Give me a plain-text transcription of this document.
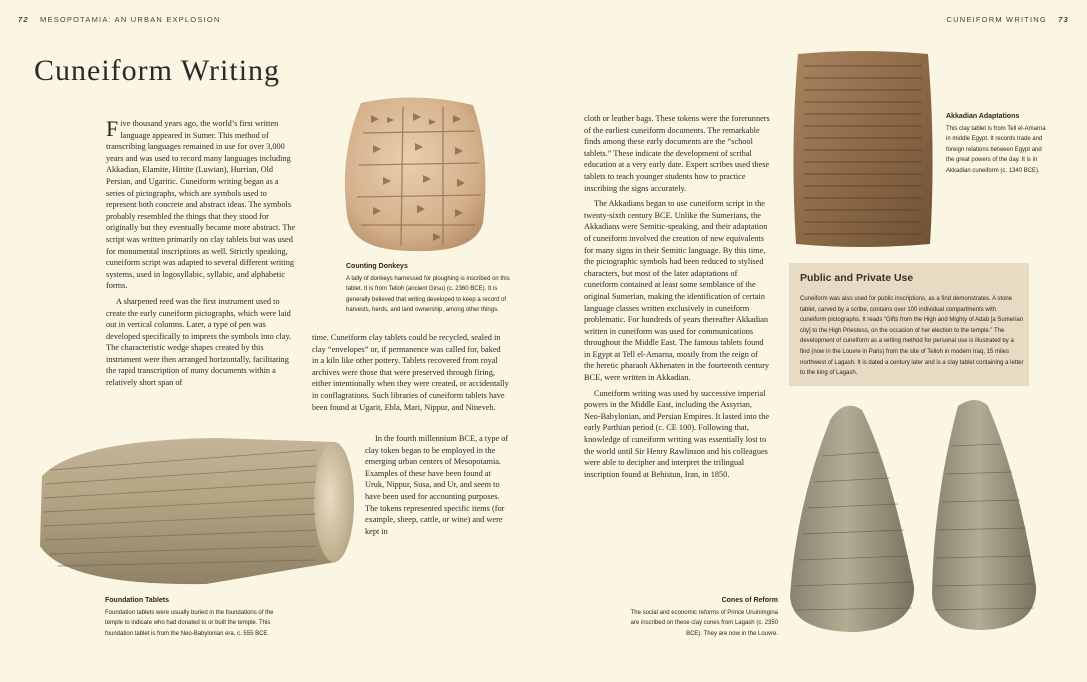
72 MESOPOTAMIA: AN URBAN EXPLOSION	CUNEIFORM WRITING 73
Cuneiform Writing

Five thousand years ago, the world’s first written language appeared in Sumer. This method of transcribing languages remained in use for over 3,000 years and was used to record many languages including Akkadian, Elamite, Hittite (Luwian), Hurrian, Old Persian, and Ugaritic. Cuneiform writing began as a series of pictographs, which are symbols used to represent both concrete and abstract ideas. The symbols probably resembled the things that they stood for originally but they eventually became more abstract. The script was written primarily on clay tablets but was used for monumental inscriptions as well. Strictly speaking, cuneiform script was adapted to several different writing systems, used in logosyllabic, syllabic, and alphabetic forms.

A sharpened reed was the first instrument used to create the early cuneiform pictographs, which were laid out in vertical columns. Later, a type of pen was developed specifically to impress the symbols into clay. The characteristic wedge shapes created by this instrument were then arranged horizontally, facilitating the rapid transcription of many documents within a relatively short span of

time. Cuneiform clay tablets could be recycled, sealed in clay “envelopes” or, if permanence was called for, baked in a kiln like other pottery. Tablets recovered from royal archives were those that were preserved through firing, either intentionally when they were created, or accidentally in conflagrations. Such libraries of cuneiform tablets have been found at Ugarit, Ebla, Mari, Nippur, and Nineveh.

In the fourth millennium BCE, a type of clay token began to be employed in the emerging urban centers of Mesopotamia. Examples of these have been found at Uruk, Nippur, Susa, and Ur, and seem to have been used for accounting purposes. The tokens represented specific items (for example, sheep, cattle, or wine) and were kept in

cloth or leather bags. These tokens were the forerunners of the earliest cuneiform documents. The remarkable finds among these early documents are the “school tablets.” These indicate the development of scribal education at a very early date. Expert scribes used these tablets to teach younger students how to practice inscribing the signs accurately.

The Akkadians began to use cuneiform script in the twenty-sixth century BCE. Unlike the Sumerians, the Akkadians were Semitic-speaking, and their adaptation of cuneiform involved the creation of new equivalents for many signs in their Semitic language. By this time, the pictographic symbols had been reduced to stylised characters, but most of the later adaptations of cuneiform contained at least some semblance of the original Sumerian, making the identification of certain language classes written exclusively in cuneiform problematic. For hundreds of years thereafter Akkadian written in cuneiform was used for communications throughout the Middle East. The famous tablets found in Egypt at Tell el-Amarna, mostly from the reign of the heretic pharaoh Akhenaten in the fourteenth century BCE, were written in Akkadian.

Cuneiform writing was used by successive imperial powers in the Middle East, including the Assyrian, Neo-Babylonian, and Persian Empires. It lasted into the early Parthian period (c. CE 100). Following that, knowledge of cuneiform writing was essentially lost to the world until Sir Henry Rawlinson and his colleagues were able to decipher and interpret the trilingual inscription found at Behistun, Iran, in 1850.

Counting Donkeys
A tally of donkeys harnessed for ploughing is inscribed on this tablet. It is from Telloh (ancient Girsu) (c. 2360 BCE). It is generally believed that writing developed to keep a record of harvests, herds, and land ownership, among other things.
Foundation Tablets
Foundation tablets were usually buried in the foundations of the temple to indicate who had donated to or built the temple. This foundation tablet is from the Neo-Babylonian era, c. 555 BCE.
Akkadian Adaptations
This clay tablet is from Tell el-Amarna in middle Egypt. It records trade and foreign relations between Egypt and the great powers of the day. It is in Akkadian cuneiform (c. 1340 BCE).
Public and Private Use
Cuneiform was also used for public inscriptions, as a find demonstrates. A stone tablet, carved by a scribe, contains over 100 individual compartments with cuneiform pictographs. It reads “Gifts from the High and Mighty of Adab [a Sumerian city] to the High Priestess, on the occasion of her election to the temple.” The development of cuneiform as a writing method for personal use is illustrated by a find (now in the Louvre in Paris) from the site of Telloh in modern Iraq, 15 miles northwest of Lagash. It is dated a century later and is a clay tablet containing a letter to the king of Lagash.
Cones of Reform
The social and economic reforms of Prince Uruinimgina are inscribed on these clay cones from Lagash (c. 2350 BCE). They are now in the Louvre.
